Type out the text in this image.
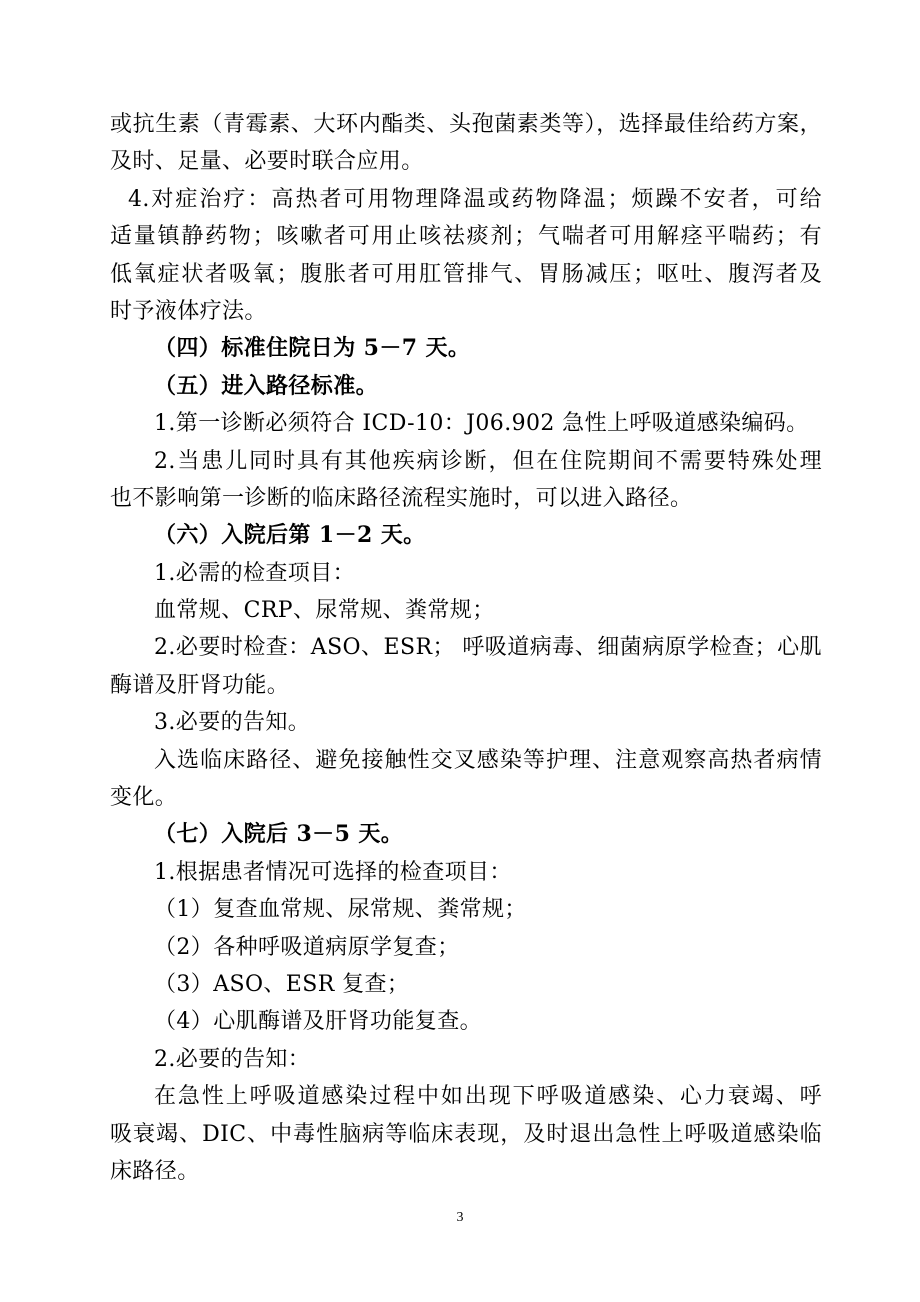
或抗生素（青霉素、大环内酯类、头孢菌素类等），选择最佳给药方案，
及时、足量、必要时联合应用。
4.对症治疗：高热者可用物理降温或药物降温；烦躁不安者，可给
适量镇静药物；咳嗽者可用止咳祛痰剂；气喘者可用解痉平喘药；有
低氧症状者吸氧；腹胀者可用肛管排气、胃肠减压；呕吐、腹泻者及
时予液体疗法。
（四）标准住院日为 5－7 天。
（五）进入路径标准。
1.第一诊断必须符合 ICD-10：J06.902 急性上呼吸道感染编码。
2.当患儿同时具有其他疾病诊断，但在住院期间不需要特殊处理
也不影响第一诊断的临床路径流程实施时，可以进入路径。
（六）入院后第 1－2 天。
1.必需的检查项目：
血常规、CRP、尿常规、粪常规；
2.必要时检查：ASO、ESR； 呼吸道病毒、细菌病原学检查；心肌
酶谱及肝肾功能。
3.必要的告知。
入选临床路径、避免接触性交叉感染等护理、注意观察高热者病情
变化。
（七）入院后 3－5 天。
1.根据患者情况可选择的检查项目：
（1）复查血常规、尿常规、粪常规；
（2）各种呼吸道病原学复查；
（3）ASO、ESR 复查；
（4）心肌酶谱及肝肾功能复查。
2.必要的告知：
在急性上呼吸道感染过程中如出现下呼吸道感染、心力衰竭、呼
吸衰竭、DIC、中毒性脑病等临床表现，及时退出急性上呼吸道感染临
床路径。
3
